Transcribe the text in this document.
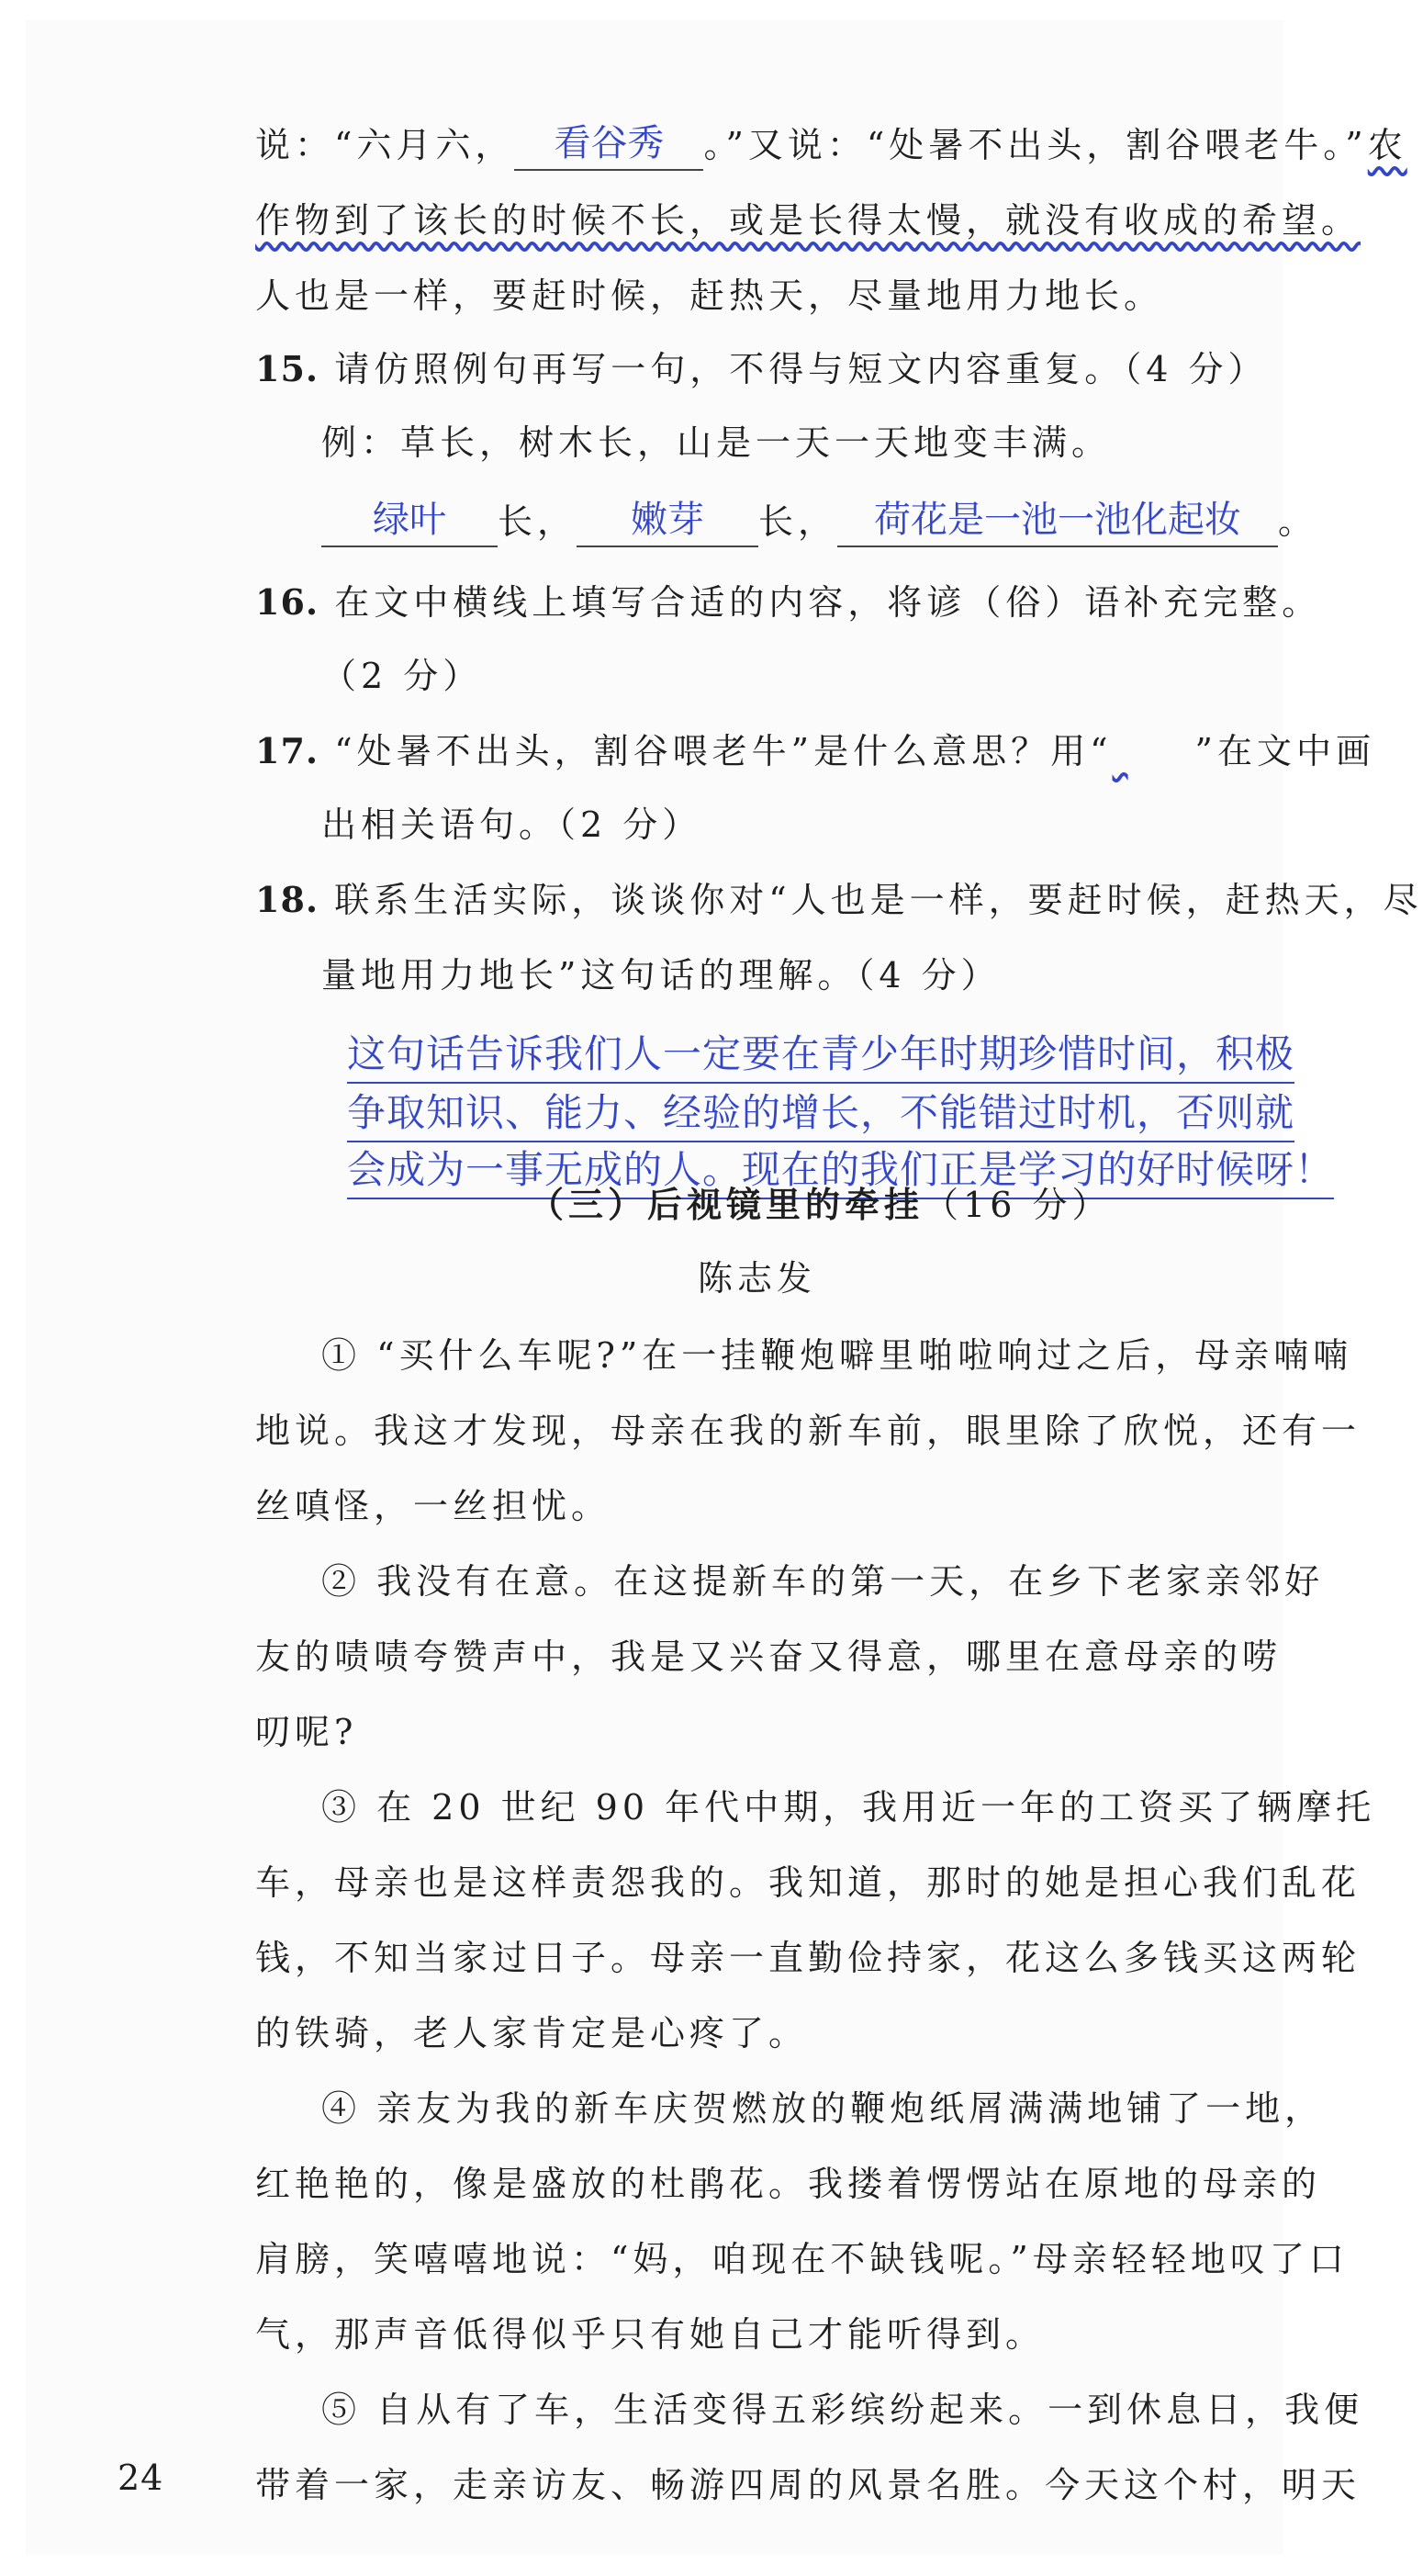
说：“六月六，	看谷秀	。”又说：“处暑不出头，割谷喂老牛。”农
作物到了该长的时候不长，或是长得太慢，就没有收成的希望。
人也是一样，要赶时候，赶热天，尽量地用力地长。
15. 请仿照例句再写一句，不得与短文内容重复。（4 分）
例：草长，树木长，山是一天一天地变丰满。
绿叶	长，	嫩芽	长，	荷花是一池一池化起妆	。
16. 在文中横线上填写合适的内容，将谚（俗）语补充完整。
（2 分）
17. “处暑不出头，割谷喂老牛”是什么意思？用“ ”在文中画
出相关语句。（2 分）
18. 联系生活实际，谈谈你对“人也是一样，要赶时候，赶热天，尽
量地用力地长”这句话的理解。（4 分）
这句话告诉我们人一定要在青少年时期珍惜时间，积极
争取知识、能力、经验的增长，不能错过时机，否则就
会成为一事无成的人。现在的我们正是学习的好时候呀！
（三）后视镜里的牵挂（16 分）
陈志发
① “买什么车呢?”在一挂鞭炮噼里啪啦响过之后，母亲喃喃
地说。我这才发现，母亲在我的新车前，眼里除了欣悦，还有一
丝嗔怪，一丝担忧。
② 我没有在意。在这提新车的第一天，在乡下老家亲邻好
友的啧啧夸赞声中，我是又兴奋又得意，哪里在意母亲的唠
叨呢?
③ 在 20 世纪 90 年代中期，我用近一年的工资买了辆摩托
车，母亲也是这样责怨我的。我知道，那时的她是担心我们乱花
钱，不知当家过日子。母亲一直勤俭持家，花这么多钱买这两轮
的铁骑，老人家肯定是心疼了。
④ 亲友为我的新车庆贺燃放的鞭炮纸屑满满地铺了一地，
红艳艳的，像是盛放的杜鹃花。我搂着愣愣站在原地的母亲的
肩膀，笑嘻嘻地说：“妈，咱现在不缺钱呢。”母亲轻轻地叹了口
气，那声音低得似乎只有她自己才能听得到。
⑤ 自从有了车，生活变得五彩缤纷起来。一到休息日，我便
带着一家，走亲访友、畅游四周的风景名胜。今天这个村，明天
24
